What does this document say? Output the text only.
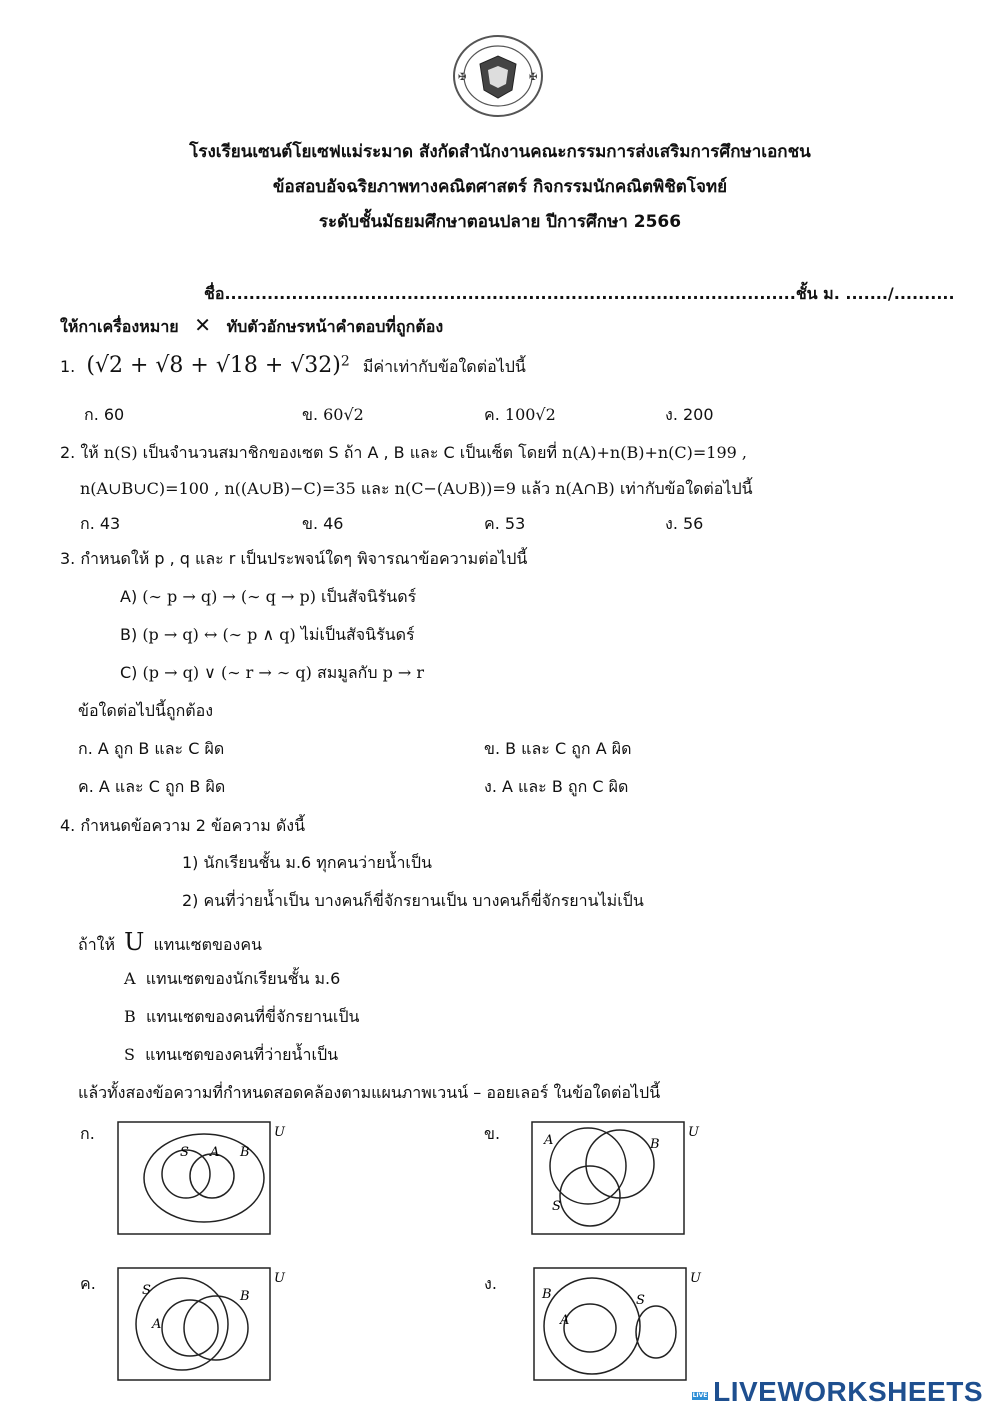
✠	✠
โรงเรียนเซนต์โยเซฟแม่ระมาด สังกัดสำนักงานคณะกรรมการส่งเสริมการศึกษาเอกชน
ข้อสอบอัจฉริยภาพทางคณิตศาสตร์ กิจกรรมนักคณิตพิชิตโจทย์
ระดับชั้นมัธยมศึกษาตอนปลาย ปีการศึกษา 2566
ชื่อ..............................................................................................ชั้น ม. ......./..........
ให้กาเครื่องหมาย ✕ ทับตัวอักษรหน้าคำตอบที่ถูกต้อง
1. $(√2 + √8 + √18 + √32)^2$ มีค่าเท่ากับข้อใดต่อไปนี้
ก. 60	ข. 60√2	ค. 100√2	ง. 200
2. ให้ n(S) เป็นจำนวนสมาชิกของเซต S ถ้า A , B และ C เป็นเซ็ต โดยที่ n(A)+n(B)+n(C)=199 ,
n(A∪B∪C)=100 , n((A∪B)−C)=35 และ n(C−(A∪B))=9 แล้ว n(A∩B) เท่ากับข้อใดต่อไปนี้
ก. 43	ข. 46	ค. 53	ง. 56
3. กำหนดให้ p , q และ r เป็นประพจน์ใดๆ พิจารณาข้อความต่อไปนี้
A) (∼ p → q) → (∼ q → p) เป็นสัจนิรันดร์
B) (p → q) ↔ (∼ p ∧ q) ไม่เป็นสัจนิรันดร์
C) (p → q) ∨ (∼ r → ∼ q) สมมูลกับ p → r
ข้อใดต่อไปนี้ถูกต้อง
ก. A ถูก B และ C ผิด	ข. B และ C ถูก A ผิด
ค. A และ C ถูก B ผิด	ง. A และ B ถูก C ผิด
4. กำหนดข้อความ 2 ข้อความ ดังนี้
1) นักเรียนชั้น ม.6 ทุกคนว่ายน้ำเป็น
2) คนที่ว่ายน้ำเป็น บางคนก็ขี่จักรยานเป็น บางคนก็ขี่จักรยานไม่เป็น
ถ้าให้ U แทนเซตของคน
A แทนเซตของนักเรียนชั้น ม.6
B แทนเซตของคนที่ขี่จักรยานเป็น
S แทนเซตของคนที่ว่ายน้ำเป็น
แล้วทั้งสองข้อความที่กำหนดสอดคล้องตามแผนภาพเวนน์ – ออยเลอร์ ในข้อใดต่อไปนี้
ก.	ข.
ค.	ง.
S A B
U
A	B
S
U
S
A
B
U
B
A
S
U
LIVE LIVEWORKSHEETS
